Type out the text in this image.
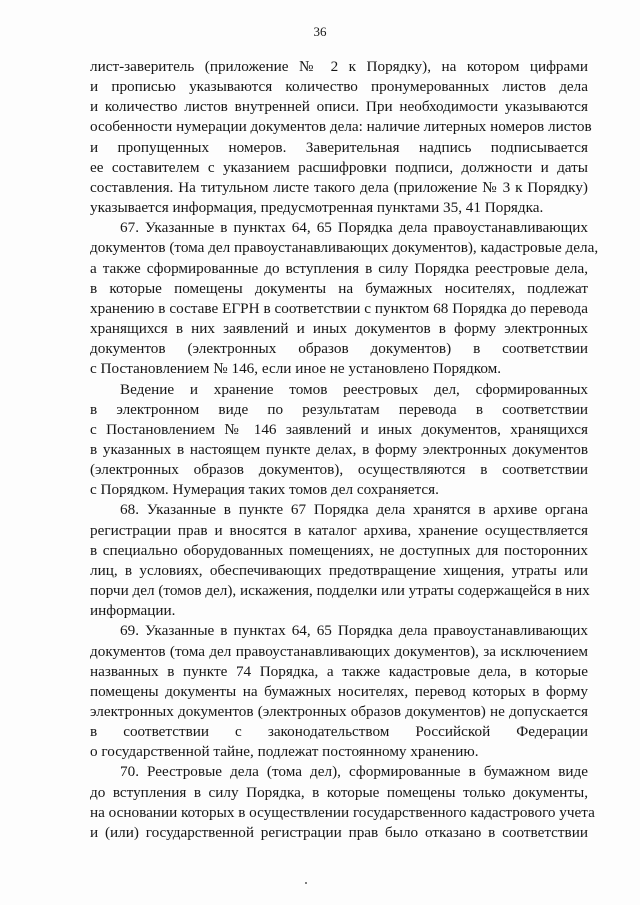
36

лист-заверитель (приложение № 2 к Порядку), на котором цифрами
и прописью указываются количество пронумерованных листов дела
и количество листов внутренней описи. При необходимости указываются
особенности нумерации документов дела: наличие литерных номеров листов
и пропущенных номеров. Заверительная надпись подписывается
ее составителем с указанием расшифровки подписи, должности и даты
составления. На титульном листе такого дела (приложение № 3 к Порядку)
указывается информация, предусмотренная пунктами 35, 41 Порядка.

67. Указанные в пунктах 64, 65 Порядка дела правоустанавливающих
документов (тома дел правоустанавливающих документов), кадастровые дела,
а также сформированные до вступления в силу Порядка реестровые дела,
в которые помещены документы на бумажных носителях, подлежат
хранению в составе ЕГРН в соответствии с пунктом 68 Порядка до перевода
хранящихся в них заявлений и иных документов в форму электронных
документов (электронных образов документов) в соответствии
с Постановлением № 146, если иное не установлено Порядком.

Ведение и хранение томов реестровых дел, сформированных
в электронном виде по результатам перевода в соответствии
с Постановлением № 146 заявлений и иных документов, хранящихся
в указанных в настоящем пункте делах, в форму электронных документов
(электронных образов документов), осуществляются в соответствии
с Порядком. Нумерация таких томов дел сохраняется.

68. Указанные в пункте 67 Порядка дела хранятся в архиве органа
регистрации прав и вносятся в каталог архива, хранение осуществляется
в специально оборудованных помещениях, не доступных для посторонних
лиц, в условиях, обеспечивающих предотвращение хищения, утраты или
порчи дел (томов дел), искажения, подделки или утраты содержащейся в них
информации.

69. Указанные в пунктах 64, 65 Порядка дела правоустанавливающих
документов (тома дел правоустанавливающих документов), за исключением
названных в пункте 74 Порядка, а также кадастровые дела, в которые
помещены документы на бумажных носителях, перевод которых в форму
электронных документов (электронных образов документов) не допускается
в соответствии с законодательством Российской Федерации
о государственной тайне, подлежат постоянному хранению.

70. Реестровые дела (тома дел), сформированные в бумажном виде
до вступления в силу Порядка, в которые помещены только документы,
на основании которых в осуществлении государственного кадастрового учета
и (или) государственной регистрации прав было отказано в соответствии
